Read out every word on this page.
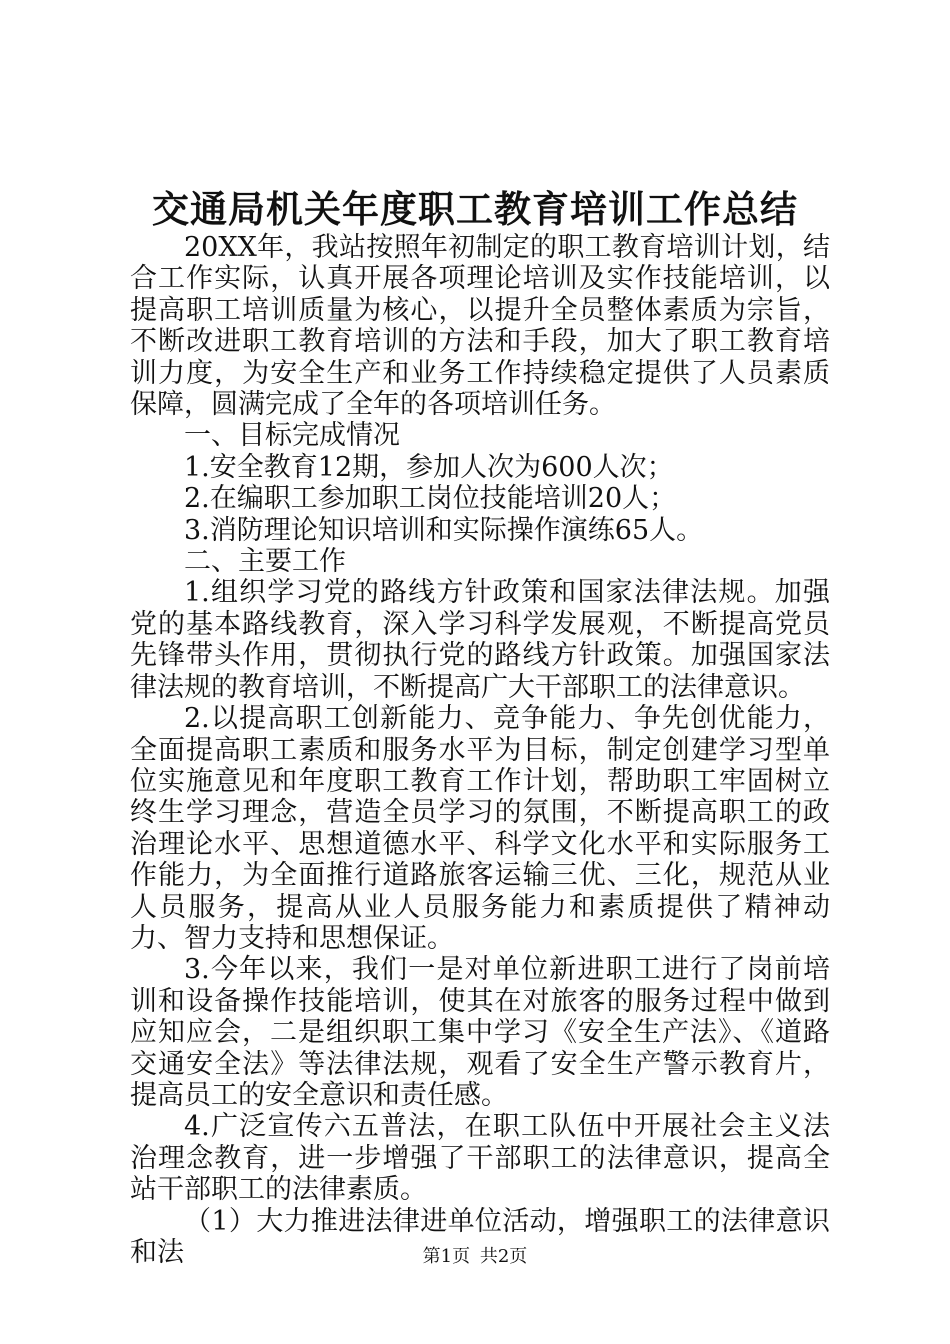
交通局机关年度职工教育培训工作总结

20XX年，我站按照年初制定的职工教育培训计划，结合工作实际，认真开展各项理论培训及实作技能培训，以提高职工培训质量为核心，以提升全员整体素质为宗旨，不断改进职工教育培训的方法和手段，加大了职工教育培训力度，为安全生产和业务工作持续稳定提供了人员素质保障，圆满完成了全年的各项培训任务。

一、目标完成情况

1.安全教育12期，参加人次为600人次；

2.在编职工参加职工岗位技能培训20人；

3.消防理论知识培训和实际操作演练65人。

二、主要工作

1.组织学习党的路线方针政策和国家法律法规。加强党的基本路线教育，深入学习科学发展观，不断提高党员先锋带头作用，贯彻执行党的路线方针政策。加强国家法律法规的教育培训，不断提高广大干部职工的法律意识。

2.以提高职工创新能力、竞争能力、争先创优能力，全面提高职工素质和服务水平为目标，制定创建学习型单位实施意见和年度职工教育工作计划，帮助职工牢固树立终生学习理念，营造全员学习的氛围，不断提高职工的政治理论水平、思想道德水平、科学文化水平和实际服务工作能力，为全面推行道路旅客运输三优、三化，规范从业人员服务，提高从业人员服务能力和素质提供了精神动力、智力支持和思想保证。

3.今年以来，我们一是对单位新进职工进行了岗前培训和设备操作技能培训，使其在对旅客的服务过程中做到应知应会，二是组织职工集中学习《安全生产法》、《道路交通安全法》等法律法规，观看了安全生产警示教育片，提高员工的安全意识和责任感。

4.广泛宣传六五普法，在职工队伍中开展社会主义法治理念教育，进一步增强了干部职工的法律意识，提高全站干部职工的法律素质。

（1）大力推进法律进单位活动，增强职工的法律意识和法	第1页 共2页
